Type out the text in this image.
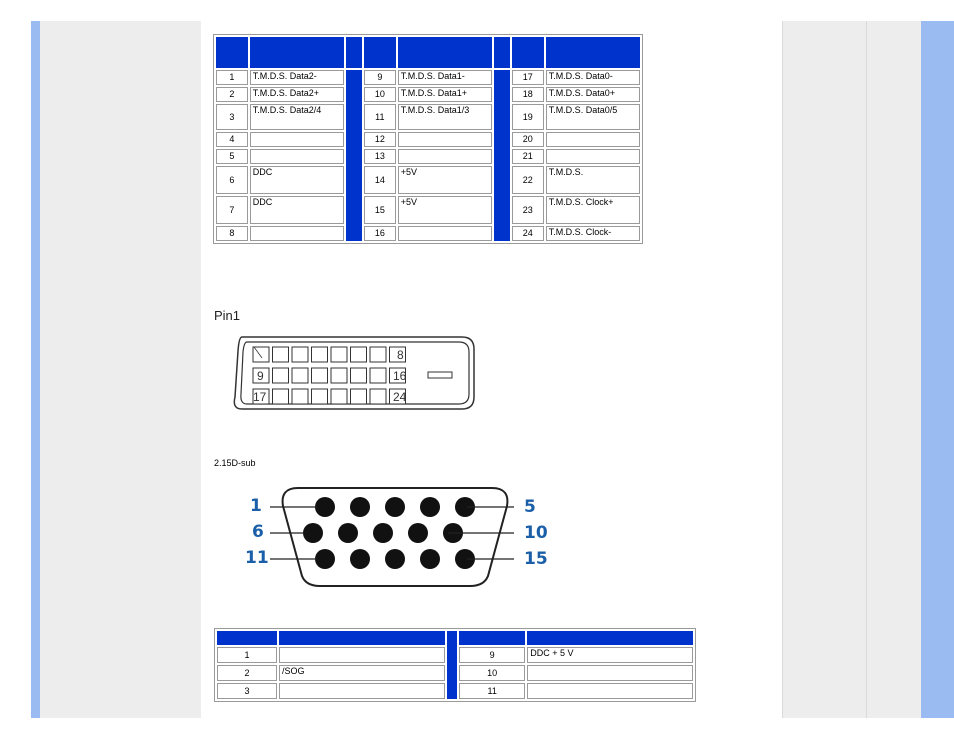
1	T.M.D.S. Data2-		9	T.M.D.S. Data1-		17	T.M.D.S. Data0-
2	T.M.D.S. Data2+		10	T.M.D.S. Data1+		18	T.M.D.S. Data0+
3	T.M.D.S. Data2/4		11	T.M.D.S. Data1/3		19	T.M.D.S. Data0/5
4			12			20	
5			13			21	
6	DDC		14	+5V		22	T.M.D.S.
7	DDC		15	+5V		23	T.M.D.S. Clock+
8			16			24	T.M.D.S. Clock-
Pin1
8
9	16
17	24
2.15D-sub
1	5
6	10
11	15

1			9	DDC + 5 V
2	/SOG		10	
3			11	
